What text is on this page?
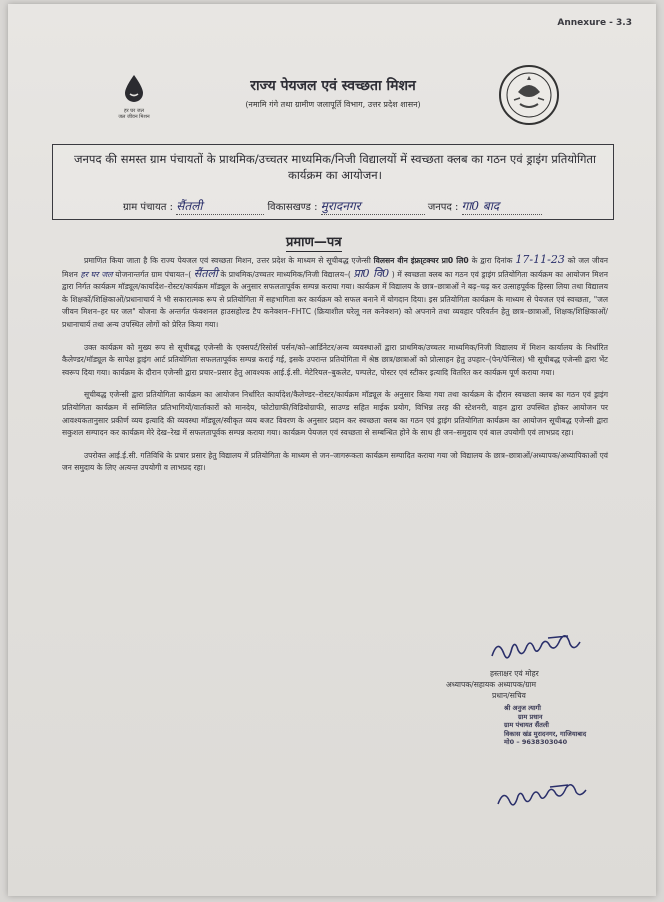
Annexure - 3.3
हर घर जल
जल जीवन मिशन
राज्य पेयजल एवं स्वच्छता मिशन
(नमामि गंगे तथा ग्रामीण जलापूर्ति विभाग, उत्तर प्रदेश शासन)
जनपद की समस्त ग्राम पंचायतों के प्राथमिक/उच्चतर माध्यमिक/निजी विद्यालयों में स्वच्छता क्लब का गठन एवं ड्राइंग प्रतियोगिता कार्यक्रम का आयोजन।
ग्राम पंचायत : सैंतली	विकासखण्ड : मुरादनगर	जनपद : गा0 बाद
प्रमाण—पत्र

प्रमाणित किया जाता है कि राज्य पेयजल एवं स्वच्छता मिशन, उत्तर प्रदेश के माध्यम से सूचीबद्ध एजेन्सी विलसन वीन इंफ्रा्टक्चर प्रा0 लि0 के द्वारा दिनांक 17-11-23 को जल जीवन मिशन हर घर जल योजनान्तर्गत ग्राम पंचायत–( सैंतली के प्राथमिक/उच्चतर माध्यमिक/निजी विद्यालय–( प्रा0 वि0 ) में स्वच्छता क्लब का गठन एवं ड्राइंग प्रतियोगिता कार्यक्रम का आयोजन मिशन द्वारा निर्गत कार्यक्रम मॉड्यूल/कार्यादेश–रोस्टर/कार्यक्रम मॉड्यूल के अनुसार सफलतापूर्वक सम्पन्न कराया गया। कार्यक्रम में विद्यालय के छात्र–छात्राओं ने बढ़–चढ़ कर उत्साहपूर्वक हिस्सा लिया तथा विद्यालय के शिक्षकों/शिक्षिकाओं/प्रधानाचार्य ने भी सकारात्मक रूप से प्रतियोगिता में सहभागिता कर कार्यक्रम को सफल बनाने में योगदान दिया। इस प्रतियोगिता कार्यक्रम के माध्यम से पेयजल एवं स्वच्छता, "जल जीवन मिशन–हर घर जल" योजना के अन्तर्गत फंक्शनल हाउसहोल्ड टैप कनेक्शन–FHTC (क्रियाशील घरेलू नल कनेक्शन) को अपनाने तथा व्यवहार परिवर्तन हेतु छात्र–छात्राओं, शिक्षक/शिक्षिकाओं/प्रधानाचार्य तथा अन्य उपस्थित लोगों को प्रेरित किया गया।

उक्त कार्यक्रम को मुख्य रूप से सूचीबद्ध एजेन्सी के एक्सपर्ट/रिसोर्स पर्सन/को–आर्डिनेटर/अन्य व्यवस्थाओं द्वारा प्राथमिक/उच्चतर माध्यमिक/निजी विद्यालय में मिशन कार्यालय के निर्धारित कैलेण्डर/मॉड्यूल के सापेक्ष ड्राइंग आर्ट प्रतियोगिता सफलतापूर्वक सम्पन्न कराई गई, इसके उपरान्त प्रतियोगिता में श्रेष्ठ छात्र/छात्राओं को प्रोत्साहन हेतु उपहार–(पेन/पेन्सिल) भी सूचीबद्ध एजेन्सी द्वारा भेंट स्वरूप दिया गया। कार्यक्रम के दौरान एजेन्सी द्वारा प्रचार–प्रसार हेतु आवश्यक आई.ई.सी. मेटेरियल–बुकलेट, पम्पलेट, पोस्टर एवं स्टीकर इत्यादि वितरित कर कार्यक्रम पूर्ण कराया गया।

सूचीबद्ध एजेन्सी द्वारा प्रतियोगिता कार्यक्रम का आयोजन निर्धारित कार्यादेश/कैलेण्डर–रोस्टर/कार्यक्रम मॉड्यूल के अनुसार किया गया तथा कार्यक्रम के दौरान स्वच्छता क्लब का गठन एवं ड्राइंग प्रतियोगिता कार्यक्रम में सम्मिलित प्रतिभागियों/वार्ताकारों को मानदेय, फोटोग्राफी/विडियोग्राफी, साउण्ड सहित माईक प्रयोग, विभिन्न तरह की स्टेशनरी, वाहन द्वारा उपस्थित होकर आयोजन पर आवश्यकतानुसार प्रकीर्ण व्यय इत्यादि की व्यवस्था मॉड्यूल/स्वीकृत व्यय बजट विवरण के अनुसार प्रदान कर स्वच्छता क्लब का गठन एवं ड्राइंग प्रतियोगिता कार्यक्रम का आयोजन सूचीबद्ध एजेन्सी द्वारा सकुशल सम्पादन कर कार्यक्रम मेरे देख–रेख में सफलतापूर्वक सम्पन्न कराया गया। कार्यक्रम पेयजल एवं स्वच्छता से सम्बन्धित होने के साथ ही जन–समुदाय एवं बाल उपयोगी एवं लाभप्रद रहा।

उपरोक्त आई.ई.सी. गतिविधि के प्रचार प्रसार हेतु विद्यालय में प्रतियोगिता के माध्यम से जन–जागरूकता कार्यक्रम सम्पादित कराया गया जो विद्यालय के छात्र–छात्राओं/अध्यापक/अध्यापिकाओं एवं जन समुदाय के लिए अत्यन्त उपयोगी व लाभप्रद रहा।

हस्ताक्षर एवं मोहर
अध्यापक/सहायक अध्यापक/ग्राम
प्रधान/सचिव
श्री अनुज त्यागी
ग्राम प्रधान
ग्राम पंचायत सैंतली
विकास खंड मुरादनगर, गाजियाबाद
मो0 – 9638303040
